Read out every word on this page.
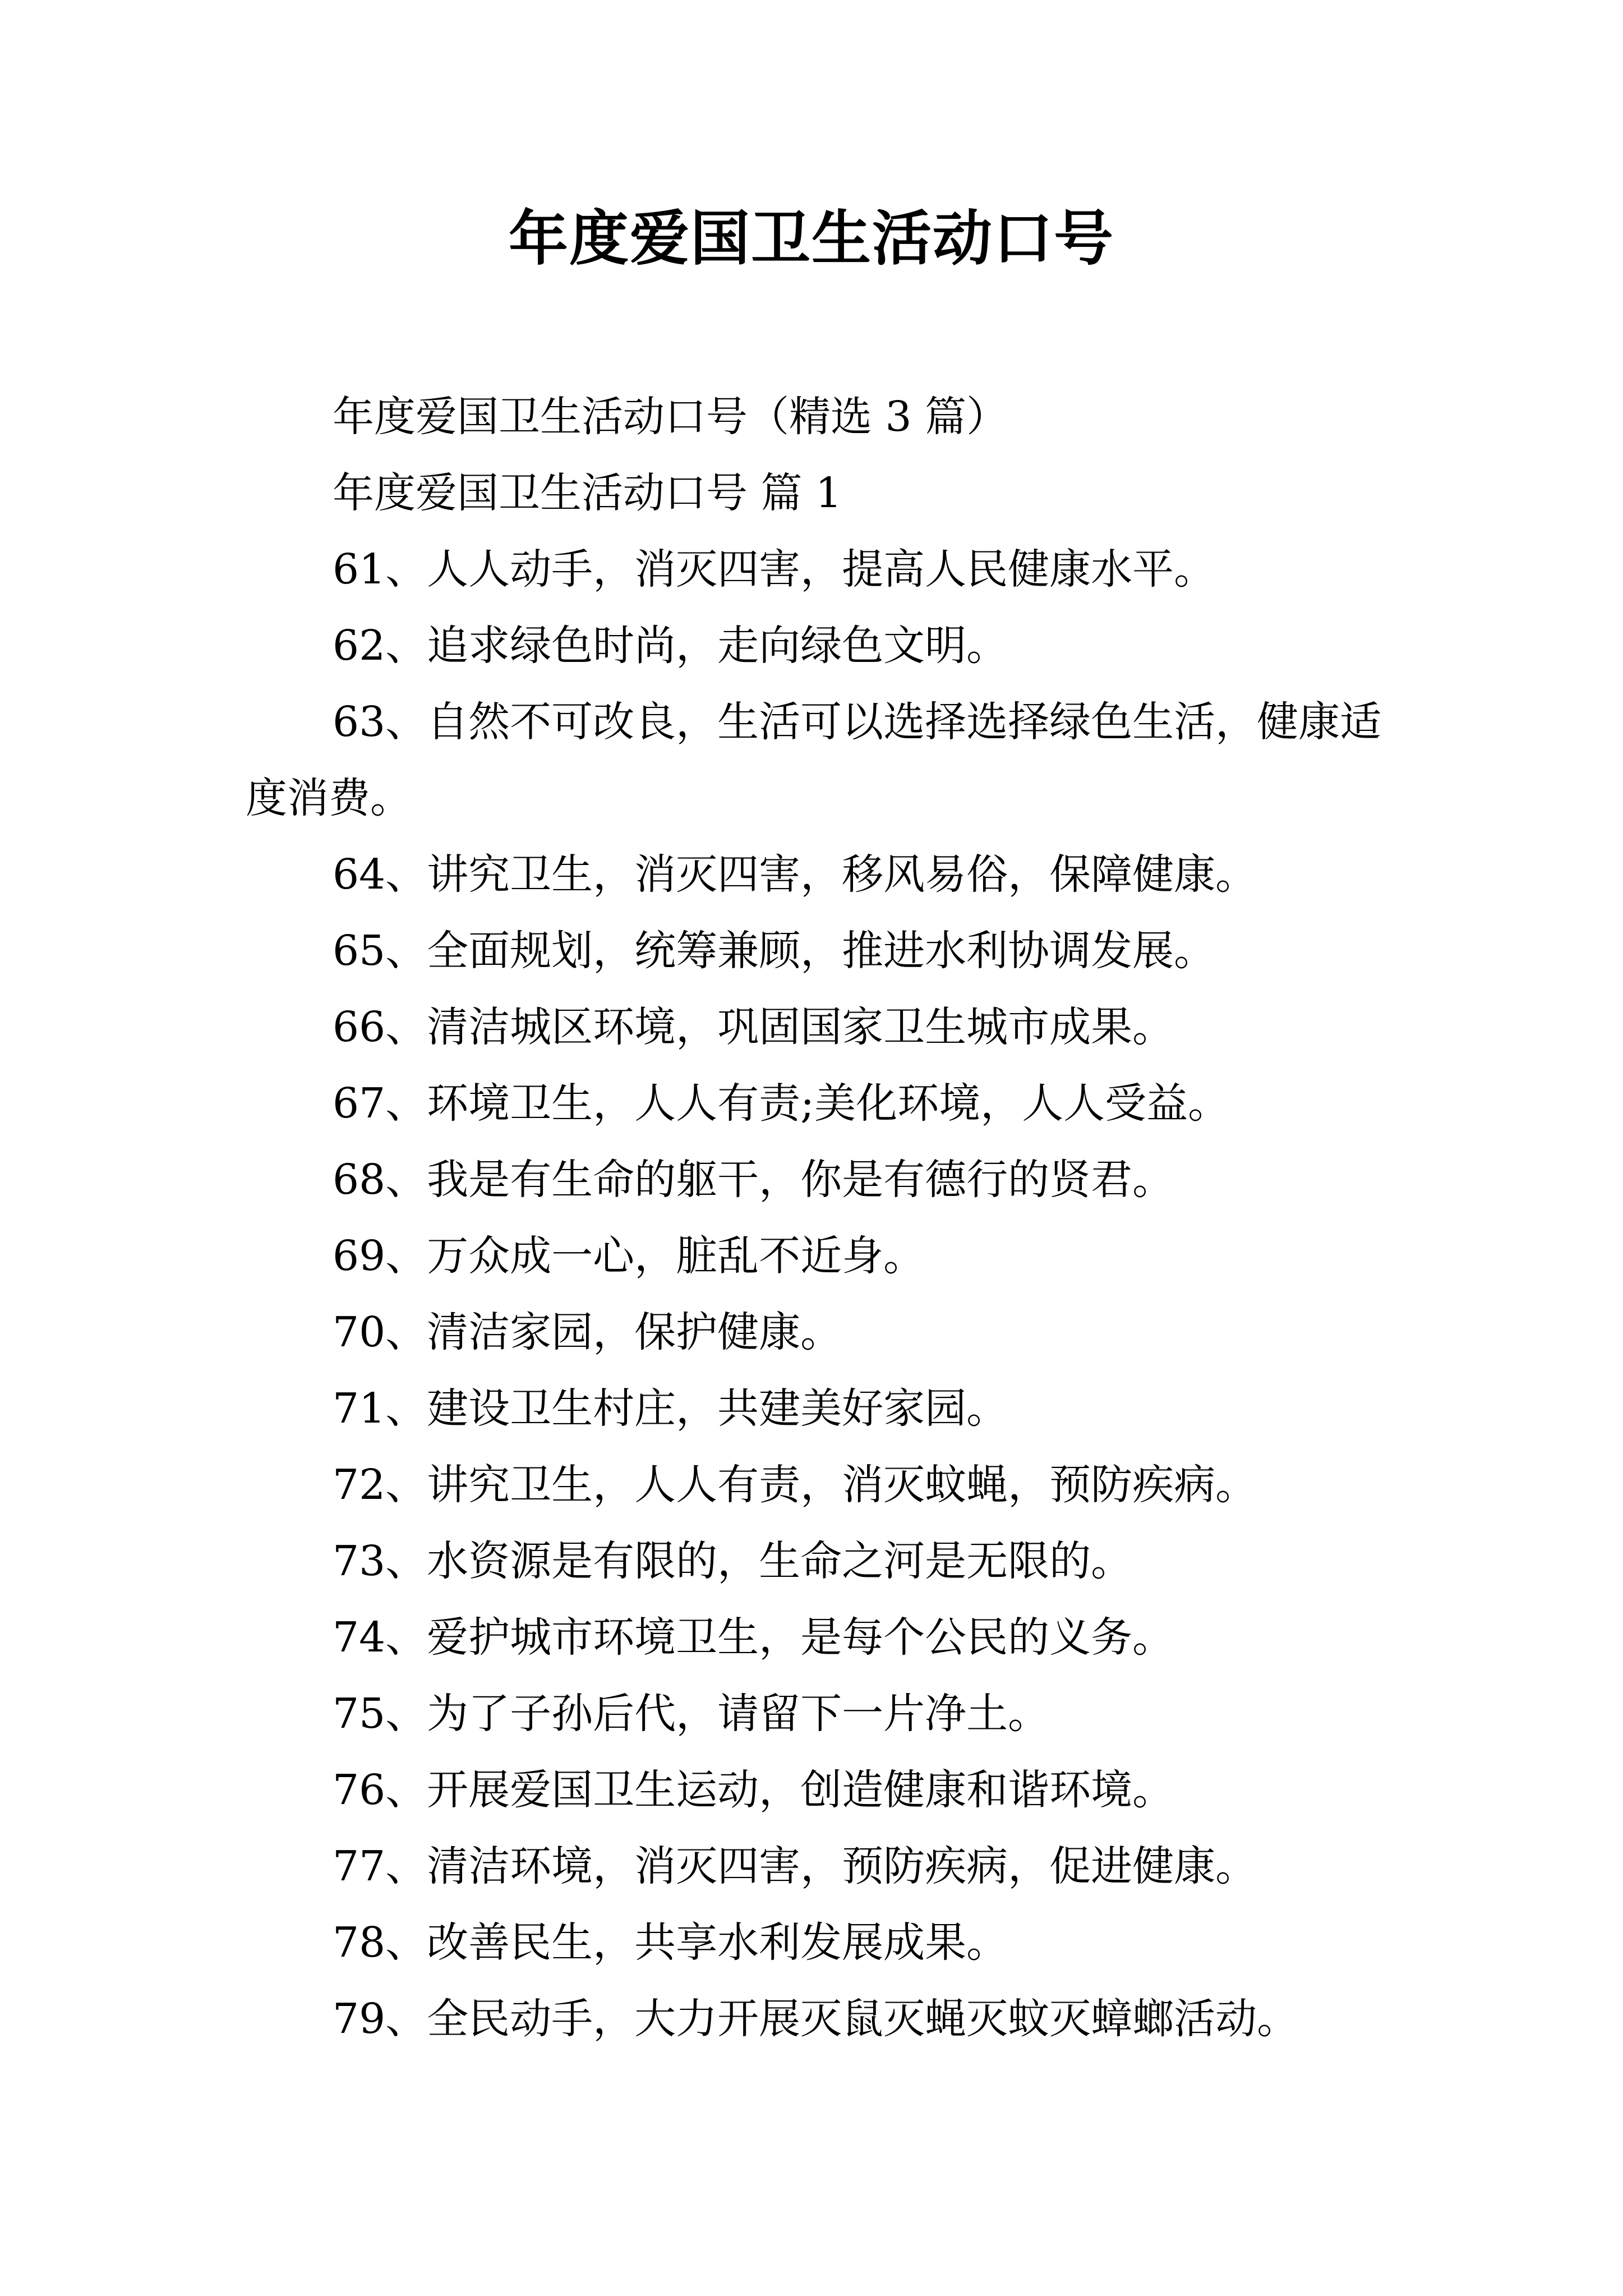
年度爱国卫生活动口号

年度爱国卫生活动口号（精选 3 篇）

年度爱国卫生活动口号 篇 1

61、人人动手，消灭四害，提高人民健康水平。

62、追求绿色时尚，走向绿色文明。

63、自然不可改良，生活可以选择选择绿色生活，健康适度消费。

64、讲究卫生，消灭四害，移风易俗，保障健康。

65、全面规划，统筹兼顾，推进水利协调发展。

66、清洁城区环境，巩固国家卫生城市成果。

67、环境卫生，人人有责;美化环境，人人受益。

68、我是有生命的躯干，你是有德行的贤君。

69、万众成一心，脏乱不近身。

70、清洁家园，保护健康。

71、建设卫生村庄，共建美好家园。

72、讲究卫生，人人有责，消灭蚊蝇，预防疾病。

73、水资源是有限的，生命之河是无限的。

74、爱护城市环境卫生，是每个公民的义务。

75、为了子孙后代，请留下一片净土。

76、开展爱国卫生运动，创造健康和谐环境。

77、清洁环境，消灭四害，预防疾病，促进健康。

78、改善民生，共享水利发展成果。

79、全民动手，大力开展灭鼠灭蝇灭蚊灭蟑螂活动。
